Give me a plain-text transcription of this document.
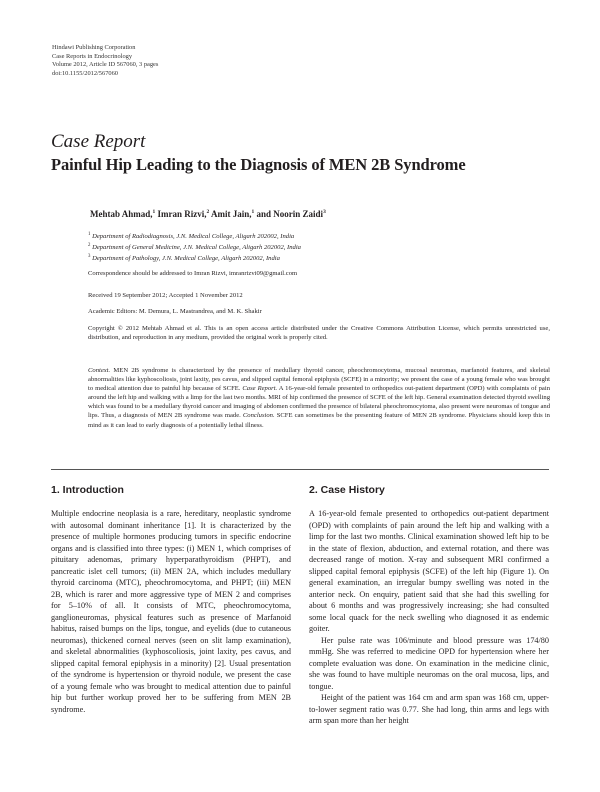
Hindawi Publishing Corporation
Case Reports in Endocrinology
Volume 2012, Article ID 567060, 3 pages
doi:10.1155/2012/567060
Case Report
Painful Hip Leading to the Diagnosis of MEN 2B Syndrome
Mehtab Ahmad,$^1$ Imran Rizvi,$^2$ Amit Jain,$^1$ and Noorin Zaidi$^3$
$^1$ Department of Radiodiagnosis, J.N. Medical College, Aligarh 202002, India
$^2$ Department of General Medicine, J.N. Medical College, Aligarh 202002, India
$^3$ Department of Pathology, J.N. Medical College, Aligarh 202002, India
Correspondence should be addressed to Imran Rizvi, imranrizvi09@gmail.com
Received 19 September 2012; Accepted 1 November 2012
Academic Editors: M. Demura, L. Mastrandrea, and M. K. Shakir
Copyright © 2012 Mehtab Ahmad et al. This is an open access article distributed under the Creative Commons Attribution License, which permits unrestricted use, distribution, and reproduction in any medium, provided the original work is properly cited.
Context. MEN 2B syndrome is characterized by the presence of medullary thyroid cancer, pheochromocytoma, mucosal neuromas, marfanoid features, and skeletal abnormalities like kyphoscoliosis, joint laxity, pes cavus, and slipped capital femoral epiphysis (SCFE) in a minority; we present the case of a young female who was brought to medical attention due to painful hip because of SCFE. Case Report. A 16-year-old female presented to orthopedics out-patient department (OPD) with complaints of pain around the left hip and walking with a limp for the last two months. MRI of hip confirmed the presence of SCFE of the left hip. General examination detected thyroid swelling which was found to be a medullary thyroid cancer and imaging of abdomen confirmed the presence of bilateral pheochromocytoma, also present were neuromas of tongue and lips. Thus, a diagnosis of MEN 2B syndrome was made. Conclusion. SCFE can sometimes be the presenting feature of MEN 2B syndrome. Physicians should keep this in mind as it can lead to early diagnosis of a potentially lethal illness.
1. Introduction

Multiple endocrine neoplasia is a rare, hereditary, neoplastic syndrome with autosomal dominant inheritance [1]. It is characterized by the presence of multiple hormones producing tumors in specific endocrine organs and is classified into three types: (i) MEN 1, which comprises of pituitary adenomas, primary hyperparathyroidism (PHPT), and pancreatic islet cell tumors; (ii) MEN 2A, which includes medullary thyroid carcinoma (MTC), pheochromocytoma, and PHPT; (iii) MEN 2B, which is rarer and more aggressive type of MEN 2 and comprises for 5–10% of all. It consists of MTC, pheochromocytoma, ganglioneuromas, physical features such as presence of Marfanoid habitus, raised bumps on the lips, tongue, and eyelids (due to cutaneous neuromas), thickened corneal nerves (seen on slit lamp examination), and skeletal abnormalities (kyphoscoliosis, joint laxity, pes cavus, and slipped capital femoral epiphysis in a minority) [2]. Usual presentation of the syndrome is hypertension or thyroid nodule, we present the case of a young female who was brought to medical attention due to painful hip but further workup proved her to be suffering from MEN 2B syndrome.

2. Case History

A 16-year-old female presented to orthopedics out-patient department (OPD) with complaints of pain around the left hip and walking with a limp for the last two months. Clinical examination showed left hip to be in the state of flexion, abduction, and external rotation, and there was decreased range of motion. X-ray and subsequent MRI confirmed a slipped capital femoral epiphysis (SCFE) of the left hip (Figure 1). On general examination, an irregular bumpy swelling was noted in the anterior neck. On enquiry, patient said that she had this swelling for about 6 months and was progressively increasing; she had consulted some local quack for the neck swelling who diagnosed it as endemic goiter.

Her pulse rate was 106/minute and blood pressure was 174/80 mmHg. She was referred to medicine OPD for hypertension where her complete evaluation was done. On examination in the medicine clinic, she was found to have multiple neuromas on the oral mucosa, lips, and tongue.

Height of the patient was 164 cm and arm span was 168 cm, upper-to-lower segment ratio was 0.77. She had long, thin arms and legs with arm span more than her height
